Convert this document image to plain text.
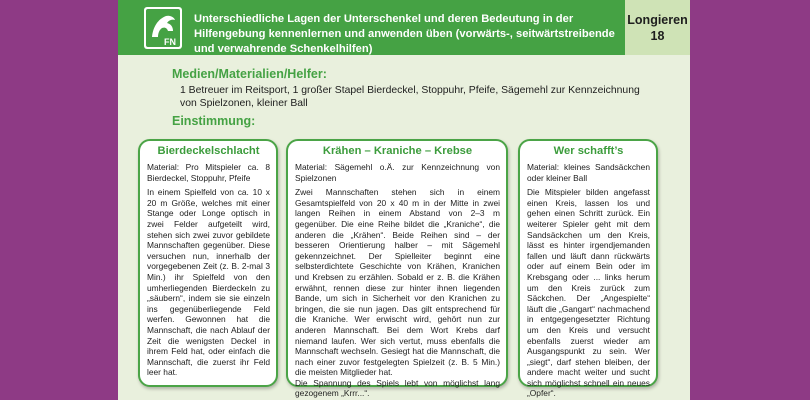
FN
Unterschiedliche Lagen der Unterschenkel und deren Bedeutung in der Hilfengebung kennenlernen und anwenden üben (vorwärts-, seitwärtstreibende und verwahrende Schenkelhilfen)
Longieren
18
Medien/Materialien/Helfer:
1 Betreuer im Reitsport, 1 großer Stapel Bierdeckel, Stoppuhr, Pfeife, Sägemehl zur Kennzeichnung von Spielzonen, kleiner Ball
Einstimmung:
Bierdeckelschlacht

Material: Pro Mitspieler ca. 8 Bierdeckel, Stoppuhr, Pfeife

In einem Spielfeld von ca. 10 x 20 m Größe, welches mit einer Stange oder Longe optisch in zwei Felder aufgeteilt wird, stehen sich zwei zuvor gebildete Mannschaften gegenüber. Diese versuchen nun, innerhalb der vorgegebenen Zeit (z. B. 2-mal 3 Min.) ihr Spielfeld von den umherliegenden Bierdeckeln zu „säubern“, indem sie sie einzeln ins gegenüberliegende Feld werfen. Gewonnen hat die Mannschaft, die nach Ablauf der Zeit die wenigsten Deckel in ihrem Feld hat, oder einfach die Mannschaft, die zuerst ihr Feld leer hat.

Krähen – Kraniche – Krebse

Material: Sägemehl o.Ä. zur Kennzeichnung von Spielzonen

Zwei Mannschaften stehen sich in einem Gesamtspielfeld von 20 x 40 m in der Mitte in zwei langen Reihen in einem Abstand von 2–3 m gegenüber. Die eine Reihe bildet die „Kraniche“, die anderen die „Krähen“. Beide Reihen sind – der besseren Orientierung halber – mit Sägemehl gekennzeichnet. Der Spielleiter beginnt eine selbsterdichtete Geschichte von Krähen, Kranichen und Krebsen zu erzählen. Sobald er z. B. die Krähen erwähnt, rennen diese zur hinter ihnen liegenden Bande, um sich in Sicherheit vor den Kranichen zu bringen, die sie nun jagen. Das gilt entsprechend für die Kraniche. Wer erwischt wird, gehört nun zur anderen Mannschaft. Bei dem Wort Krebs darf niemand laufen. Wer sich vertut, muss ebenfalls die Mannschaft wechseln. Gesiegt hat die Mannschaft, die nach einer zuvor festgelegten Spielzeit (z. B. 5 Min.) die meisten Mitglieder hat.

Die Spannung des Spiels lebt von möglichst lang gezogenem „Krrr...“.

Wer schafft’s

Material: kleines Sandsäckchen oder kleiner Ball

Die Mitspieler bilden angefasst einen Kreis, lassen los und gehen einen Schritt zurück. Ein weiterer Spieler geht mit dem Sandsäckchen um den Kreis, lässt es hinter irgendjemanden fallen und läuft dann rückwärts oder auf einem Bein oder im Krebsgang oder ... links herum um den Kreis zurück zum Säckchen. Der „Angespielte“ läuft die „Gangart“ nachmachend in entgegengesetzter Richtung um den Kreis und versucht ebenfalls zuerst wieder am Ausgangspunkt zu sein. Wer „siegt“, darf stehen bleiben, der andere macht weiter und sucht sich möglichst schnell ein neues „Opfer“.
